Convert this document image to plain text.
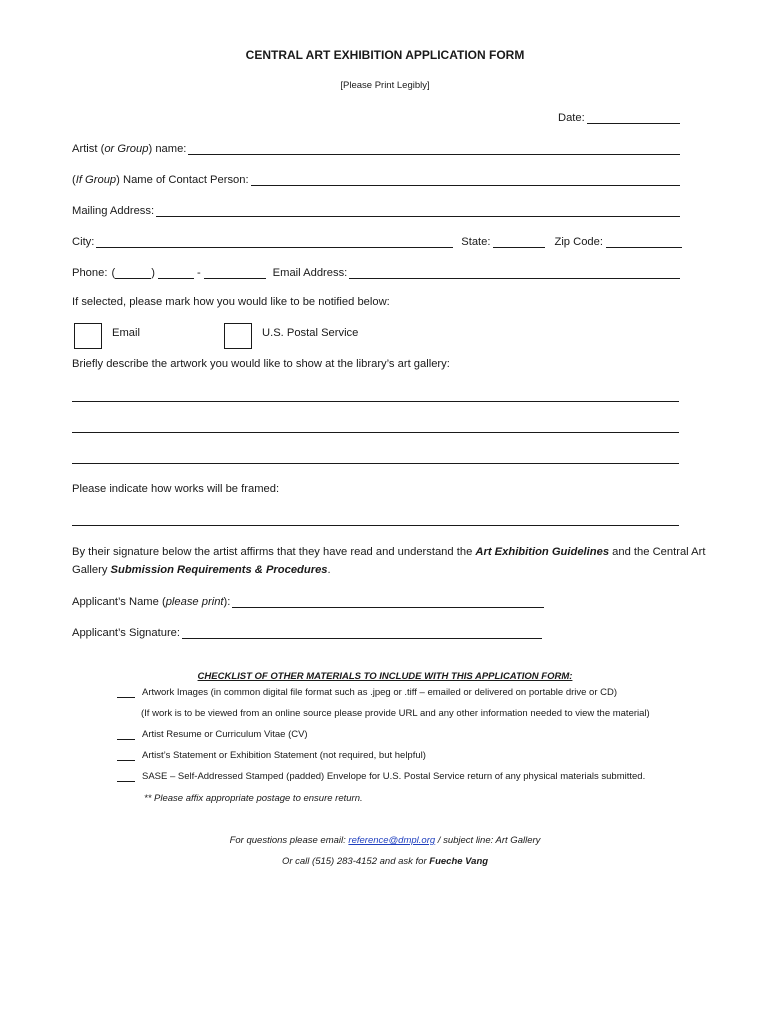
CENTRAL ART EXHIBITION APPLICATION FORM
[Please Print Legibly]
Date:
Artist (or Group) name:
(If Group) Name of Contact Person:
Mailing Address:
City:	State:	Zip Code:
Phone: (	)	-	Email Address:
If selected, please mark how you would like to be notified below:
Email	U.S. Postal Service
Briefly describe the artwork you would like to show at the library’s art gallery:
Please indicate how works will be framed:
By their signature below the artist affirms that they have read and understand the Art Exhibition Guidelines and the Central Art Gallery Submission Requirements & Procedures.
Applicant’s Name (please print):
Applicant’s Signature:
CHECKLIST OF OTHER MATERIALS TO INCLUDE WITH THIS APPLICATION FORM:
Artwork Images (in common digital file format such as .jpeg or .tiff – emailed or delivered on portable drive or CD)
(If work is to be viewed from an online source please provide URL and any other information needed to view the material)
Artist Resume or Curriculum Vitae (CV)
Artist’s Statement or Exhibition Statement (not required, but helpful)
SASE – Self-Addressed Stamped (padded) Envelope for U.S. Postal Service return of any physical materials submitted.
** Please affix appropriate postage to ensure return.
For questions please email: reference@dmpl.org / subject line: Art Gallery
Or call (515) 283-4152 and ask for Fueche Vang
